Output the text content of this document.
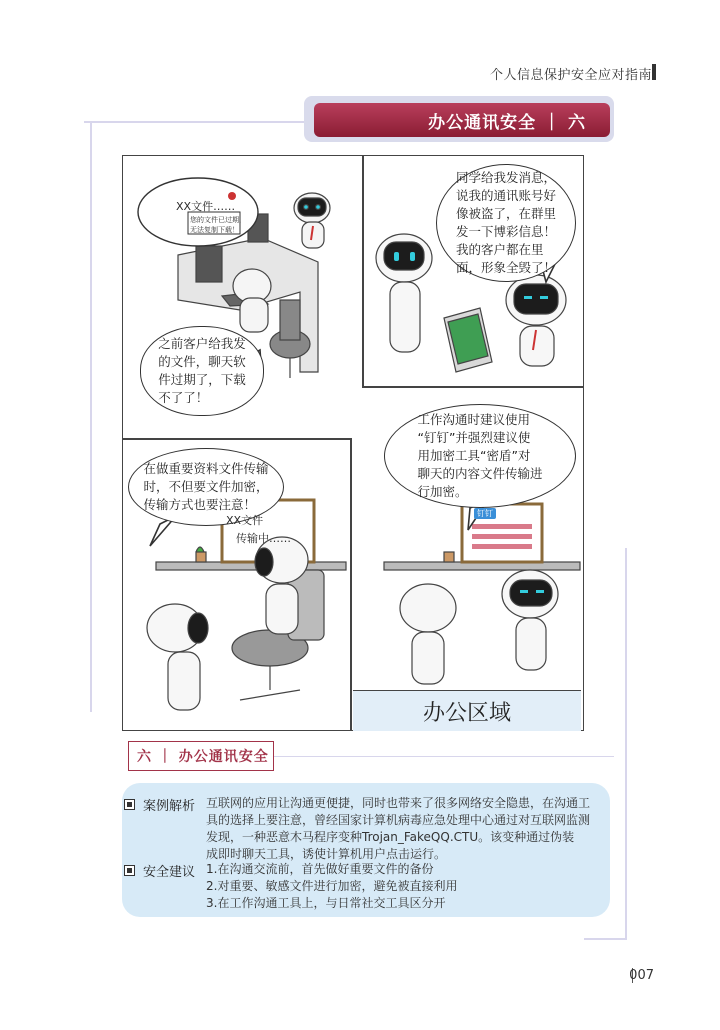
个人信息保护安全应对指南
办公通讯安全 ｜ 六
XX文件……
您的文件已过期，
无法复制下载！
之前客户给我发
的文件，聊天软
件过期了，下载
不了了！
同学给我发消息，
说我的通讯账号好
像被盗了，在群里
发一下博彩信息！
我的客户都在里
面，形象全毁了！
在做重要资料文件传输
时，不但要文件加密，
传输方式也要注意！
XX文件
传输中……
工作沟通时建议使用
“钉钉”并强烈建议使
用加密工具“密盾”对
聊天的内容文件传输进
行加密。
钉钉
办公区域
六 ｜ 办公通讯安全
案例解析 互联网的应用让沟通更便捷，同时也带来了很多网络安全隐患，在沟通工
具的选择上要注意，曾经国家计算机病毒应急处理中心通过对互联网监测
发现，一种恶意木马程序变种Trojan_FakeQQ.CTU。该变种通过伪装
成即时聊天工具，诱使计算机用户点击运行。
安全建议 1.在沟通交流前，首先做好重要文件的备份
2.对重要、敏感文件进行加密，避免被直接利用
3.在工作沟通工具上，与日常社交工具区分开
007
